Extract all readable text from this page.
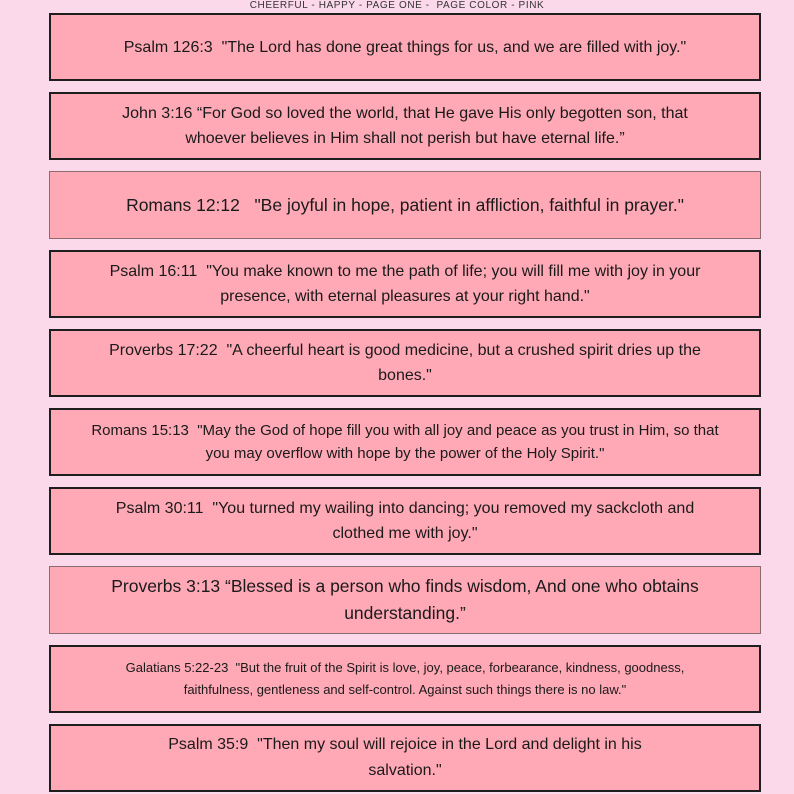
CHEERFUL - HAPPY - PAGE ONE -  PAGE COLOR - PINK
Psalm 126:3  "The Lord has done great things for us, and we are filled with joy."
John 3:16 “For God so loved the world, that He gave His only begotten son, that whoever believes in Him shall not perish but have eternal life.”
Romans 12:12   "Be joyful in hope, patient in affliction, faithful in prayer."
Psalm 16:11  "You make known to me the path of life; you will fill me with joy in your presence, with eternal pleasures at your right hand."
Proverbs 17:22  "A cheerful heart is good medicine, but a crushed spirit dries up the bones."
Romans 15:13  "May the God of hope fill you with all joy and peace as you trust in Him, so that you may overflow with hope by the power of the Holy Spirit."
Psalm 30:11  "You turned my wailing into dancing; you removed my sackcloth and clothed me with joy."
Proverbs 3:13 “Blessed is a person who finds wisdom, And one who obtains understanding.”
Galatians 5:22-23  "But the fruit of the Spirit is love, joy, peace, forbearance, kindness, goodness, faithfulness, gentleness and self-control. Against such things there is no law."
Psalm 35:9  "Then my soul will rejoice in the Lord and delight in his salvation."
